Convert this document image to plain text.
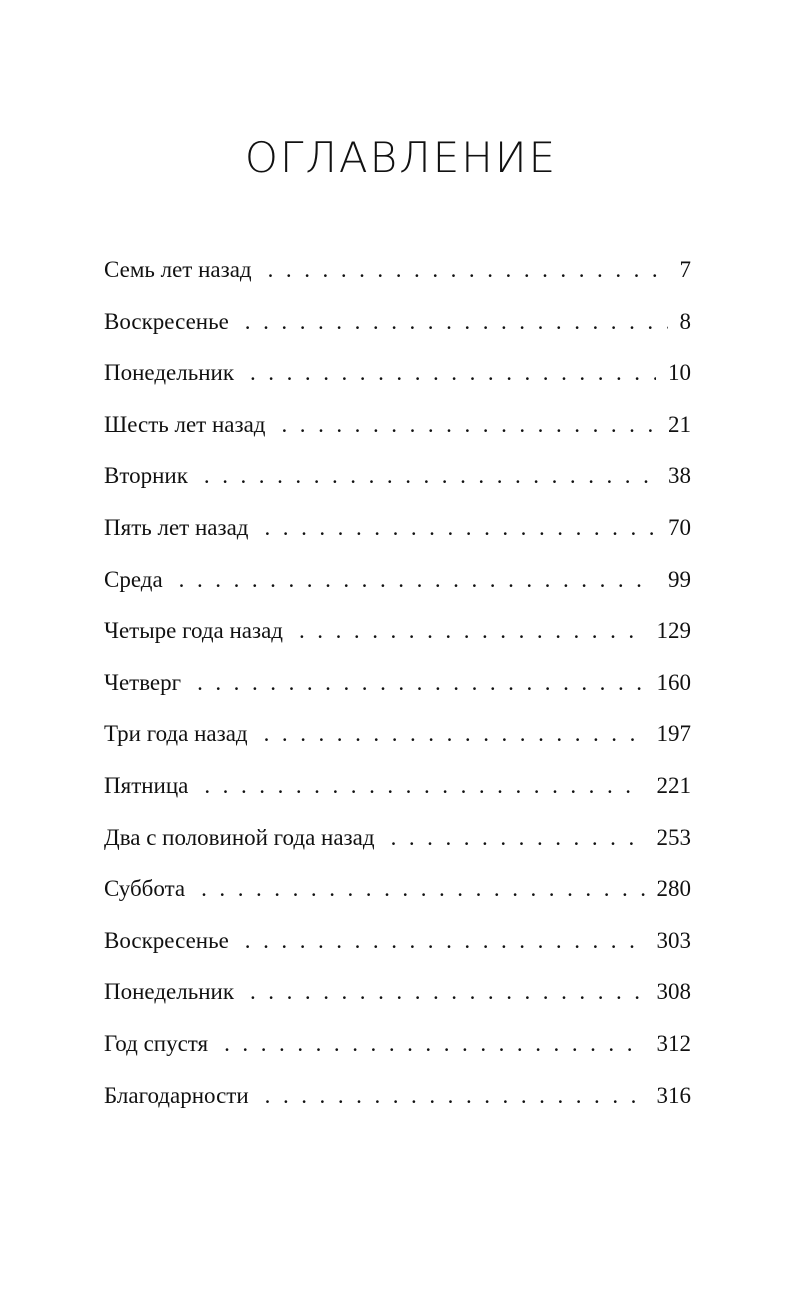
ОГЛАВЛЕНИЕ
Семь лет назад . . .	7
Воскресенье . . .	8
Понедельник . . .	10
Шесть лет назад . . .	21
Вторник . . .	38
Пять лет назад . . .	70
Среда . . .	99
Четыре года назад . . .	129
Четверг . . .	160
Три года назад . . .	197
Пятница . . .	221
Два с половиной года назад . . .	253
Суббота . . .	280
Воскресенье . . .	303
Понедельник . . .	308
Год спустя . . .	312
Благодарности . . .	316
